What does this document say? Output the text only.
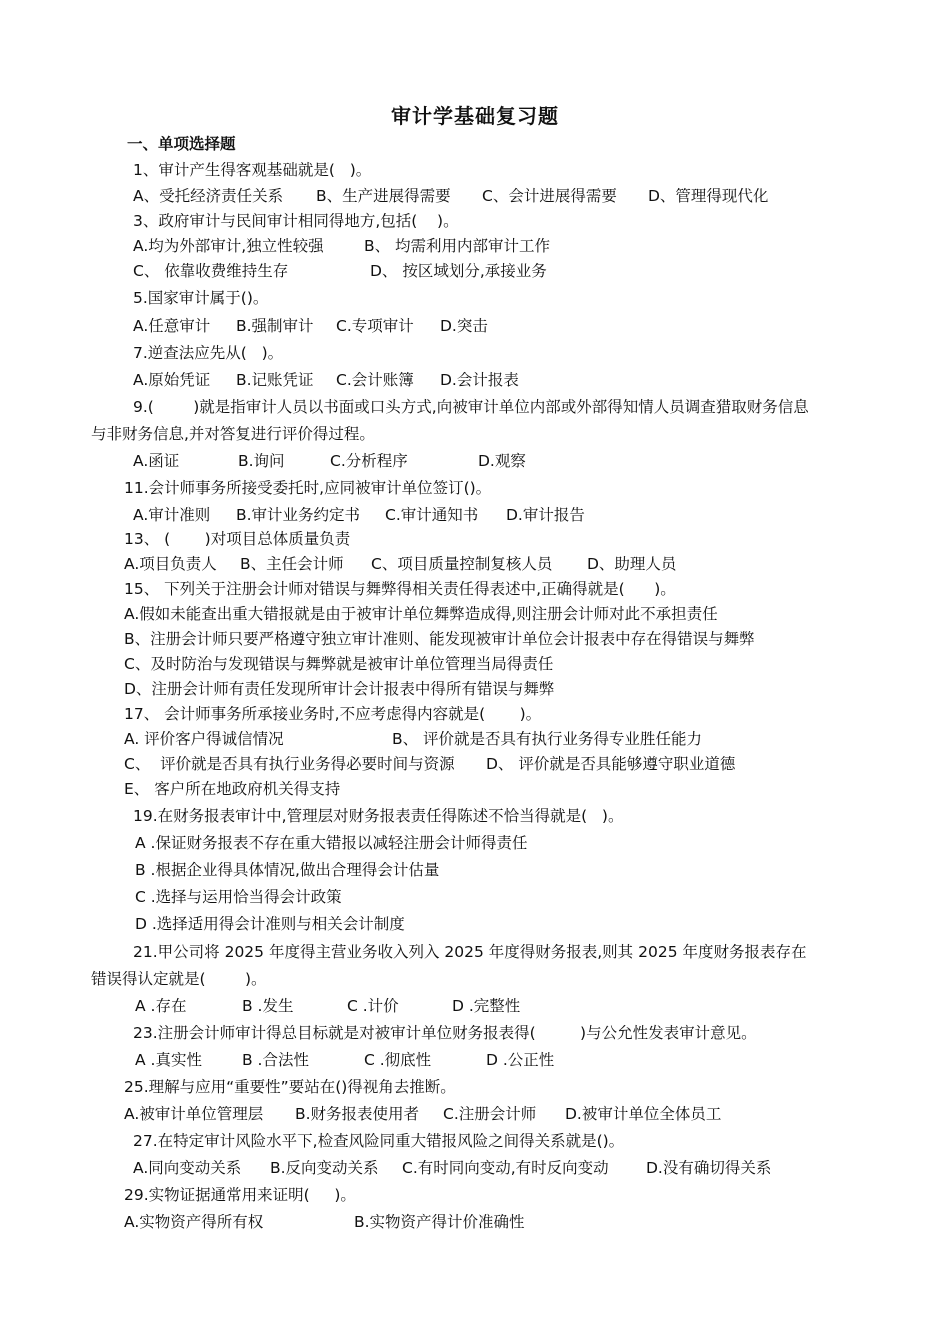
审计学基础复习题
一、单项选择题
1、审计产生得客观基础就是(   )。
A、受托经济责任关系 B、生产进展得需要 C、会计进展得需要 D、管理得现代化
3、政府审计与民间审计相同得地方,包括(    )。
A.均为外部审计,独立性较强	B、 均需利用内部审计工作
C、 依靠收费维持生存	D、 按区域划分,承接业务
5.国家审计属于()。
A.任意审计 B.强制审计 C.专项审计 D.突击
7.逆查法应先从(   )。
A.原始凭证 B.记账凭证 C.会计账簿 D.会计报表
9.(        )就是指审计人员以书面或口头方式,向被审计单位内部或外部得知情人员调查猎取财务信息
与非财务信息,并对答复进行评价得过程。
A.函证	B.询问	C.分析程序	D.观察
11.会计师事务所接受委托时,应同被审计单位签订()。
A.审计准则 B.审计业务约定书 C.审计通知书 D.审计报告
13、 (       )对项目总体质量负责
A.项目负责人 B、主任会计师 C、项目质量控制复核人员 D、助理人员
15、 下列关于注册会计师对错误与舞弊得相关责任得表述中,正确得就是(      )。
A.假如未能查出重大错报就是由于被审计单位舞弊造成得,则注册会计师对此不承担责任
B、注册会计师只要严格遵守独立审计准则、能发现被审计单位会计报表中存在得错误与舞弊
C、及时防治与发现错误与舞弊就是被审计单位管理当局得责任
D、注册会计师有责任发现所审计会计报表中得所有错误与舞弊
17、 会计师事务所承接业务时,不应考虑得内容就是(       )。
A. 评价客户得诚信情况	B、 评价就是否具有执行业务得专业胜任能力
C、  评价就是否具有执行业务得必要时间与资源 D、 评价就是否具能够遵守职业道德
E、 客户所在地政府机关得支持
19.在财务报表审计中,管理层对财务报表责任得陈述不恰当得就是(   )。
A .保证财务报表不存在重大错报以减轻注册会计师得责任
B .根据企业得具体情况,做出合理得会计估量
C .选择与运用恰当得会计政策
D .选择适用得会计准则与相关会计制度
21.甲公司将 2025 年度得主营业务收入列入 2025 年度得财务报表,则其 2025 年度财务报表存在
错误得认定就是(        )。
A .存在	B .发生	C .计价	D .完整性
23.注册会计师审计得总目标就是对被审计单位财务报表得(         )与公允性发表审计意见。
A .真实性	B .合法性	C .彻底性	D .公正性
25.理解与应用“重要性”要站在()得视角去推断。
A.被审计单位管理层 B.财务报表使用者 C.注册会计师 D.被审计单位全体员工
27.在特定审计风险水平下,检查风险同重大错报风险之间得关系就是()。
A.同向变动关系 B.反向变动关系 C.有时同向变动,有时反向变动 D.没有确切得关系
29.实物证据通常用来证明(     )。
A.实物资产得所有权	B.实物资产得计价准确性
